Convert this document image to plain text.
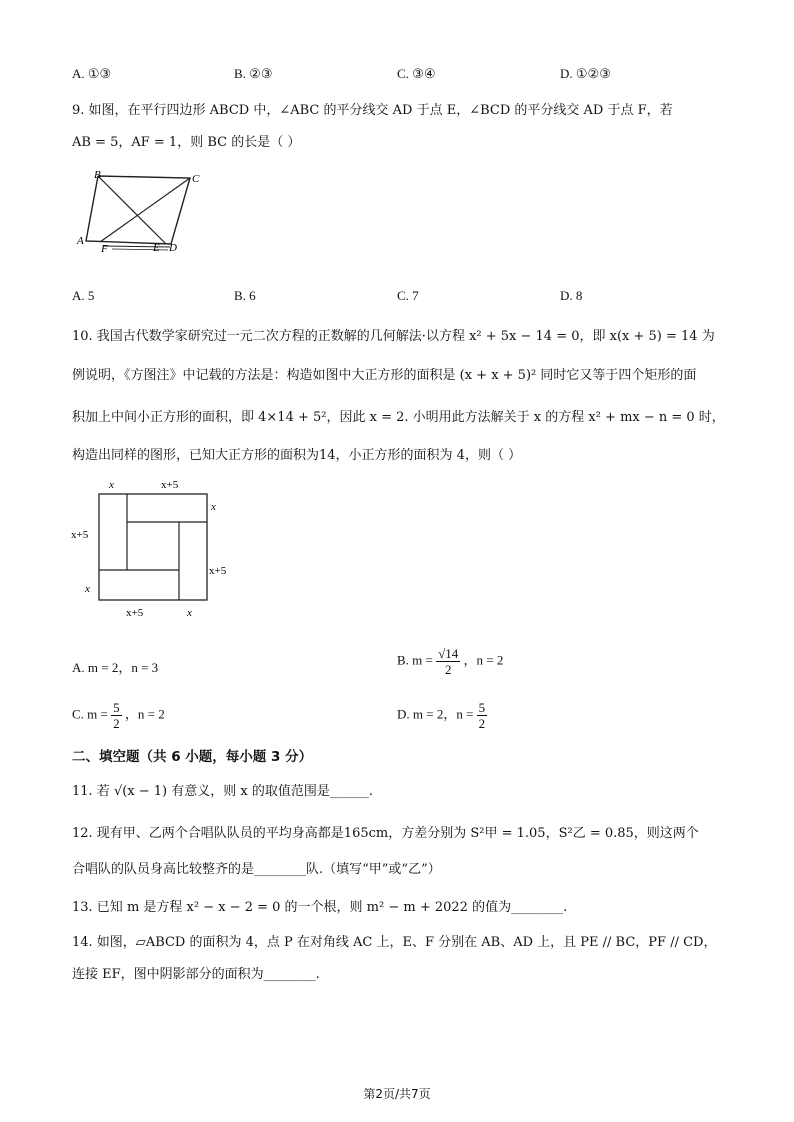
A. ①③	B. ②③	C. ③④	D. ①②③
9. 如图，在平行四边形 ABCD 中，∠ABC 的平分线交 AD 于点 E，∠BCD 的平分线交 AD 于点 F，若
AB = 5，AF = 1，则 BC 的长是（ ）
B	C
A
F	E D
A. 5	B. 6	C. 7	D. 8
10. 我国古代数学家研究过一元二次方程的正数解的几何解法·以方程 x² + 5x − 14 = 0，即 x(x + 5) = 14 为
例说明，《方图注》中记载的方法是：构造如图中大正方形的面积是 (x + x + 5)² 同时它又等于四个矩形的面
积加上中间小正方形的面积，即 4×14 + 5²，因此 x = 2. 小明用此方法解关于 x 的方程 x² + mx − n = 0 时，
构造出同样的图形，已知大正方形的面积为14，小正方形的面积为 4，则（ ）
x	x+5
x
x+5
x+5
x
x+5	x
A. m = 2，n = 3
B. $m = \frac{√14}{2}$ ，n = 2
C. $m = \frac{5}{2}$ ，n = 2	D. m = 2，$n = \frac{5}{2}$
二、填空题（共 6 小题，每小题 3 分）
11. 若 √(x − 1) 有意义，则 x 的取值范围是______.
12. 现有甲、乙两个合唱队队员的平均身高都是165cm，方差分别为 S²甲 = 1.05，S²乙 = 0.85，则这两个
合唱队的队员身高比较整齐的是________队.（填写“甲”或“乙”）
13. 已知 m 是方程 x² − x − 2 = 0 的一个根，则 m² − m + 2022 的值为________.
14. 如图，▱ABCD 的面积为 4，点 P 在对角线 AC 上，E、F 分别在 AB、AD 上，且 PE // BC，PF // CD，
连接 EF，图中阴影部分的面积为________.
第2页/共7页
